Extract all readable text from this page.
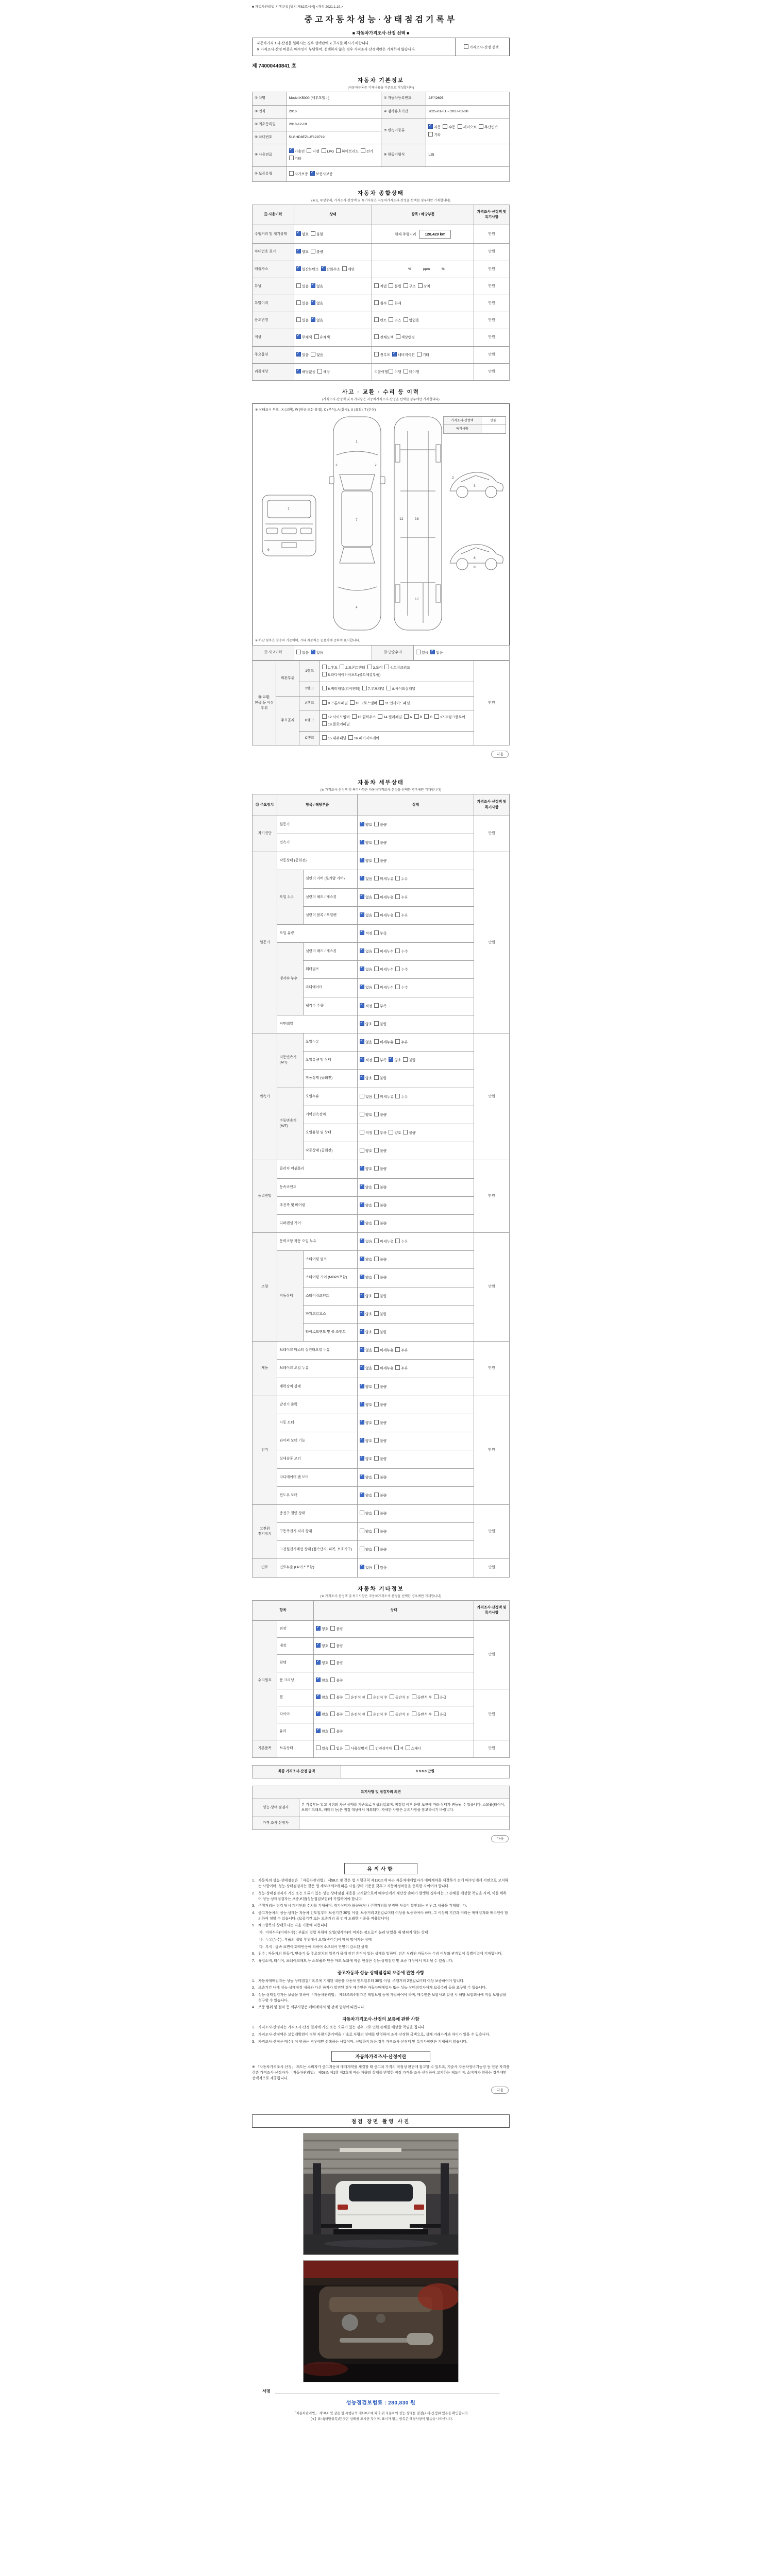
■ 자동차관리법 시행규칙 [별지 제82호서식] <개정 2021.1.19.>
중고자동차성능·상태점검기록부
■ 자동차가격조사·산정 선택 ■
자동차가격조사·산정을 원하시는 경우 선택란에 ∨ 표시를 하시기 바랍니다.
※ 가격조사·산정 비용은 매수인이 부담하며, 선택하지 않은 경우 가격조사·산정액란은 기재하지 않습니다.
가격조사·산정 선택
제 74000440841 호
자동차 기본정보
(자동차등록증 기재내용을 기준으로 작성합니다)
① 차명	Model K5000 (세부모델 : )	② 자동차등록번호	23머2695
③ 연식	2016	④ 검사유효기간	2025-01-01 ~ 2027-01-30
⑤ 최초등록일	2018-12-19	⑦ 변속기종류	✔자동 수동 세미오토 무단변속기타
⑥ 차대번호	51GHD8EZ1JF129719		
⑧ 사용연료	✔가솔린 디젤 LPG 하이브리드 전기기타	⑨ 원동기형식	L25
⑩ 보증유형	자가보증 ✔ 보험사보증
자동차 종합상태
(※표, 무상수리, 가격조사·산정액 및 특기사항은 자동차가격조사·산정을 선택한 경우에만 기재합니다)
⑪ 사용이력	상태	항목 / 해당부품	가격조사·산정액 및 특기사항
주행거리 및 계기상태	✔양호 불량	현재 주행거리 128,429 km	만원
차대번호 표기	✔양호 불량		만원
배출가스	✔일산화탄소 ✔ 탄화수소 매연	%            ppm            %	만원
튜닝	있음 ✔ 없음	적법 불법 구조 장치	만원
특별이력	있음 ✔ 없음	침수 화재	만원
용도변경	있음 ✔ 없음	렌트 리스 영업용	만원
색상	✔무채색 유채색	전체도색 색상변경	만원
주요옵션	✔있음 없음	썬루프 ✔ 네비게이션 기타	만원
리콜대상	✔해당없음 해당	리콜이행 이행 미이행	만원
사고 · 교환 · 수리 등 이력
(가격조사·산정액 및 특기사항은 자동차가격조사·산정을 선택한 경우에만 기재합니다)
※ 상태표시 부호 : X (교환), W (판금 또는 용접), C (부식), A (흠집), U (요철), T (손상)
가격조사·산정액	만원
특기사항	
1
9
1
7
4
2	2
18
17
12
3
2
6
8
※ 하단 항목은 승용차 기준이며, 기타 자동차는 승용차에 준하여 표시합니다.
⑫ 사고이력	있음 ✔ 없음	⑬ 단순수리	있음 ✔ 없음
⑭ 교환, 판금 등 이상 부위	외판부위	1랭크	1.후드 2.프론트펜더 3.도어 4.트렁크리드5.라디에이터서포트(볼트체결부품)	만원
		2랭크	6.쿼터패널(리어펜더) 7.루프패널 8.사이드실패널	
	주요골격	A랭크	9.프론트패널 10.크로스멤버 11.인사이드패널	
		B랭크	12.사이드멤버 13.휠하우스 14.필러패널 A B C 17.트렁크플로어18.플로어패널	
		C랭크	15.대쉬패널 16.패키지트레이	
다음
자동차 세부상태
(※ 가격조사·산정액 및 특기사항은 자동차가격조사·산정을 선택한 경우에만 기재합니다)
⑮ 주요장치	항목 / 해당부품		상태	가격조사·산정액 및 특기사항
자기진단	원동기	✔양호 불량	만원
	변속기	✔양호 불량
원동기	작동상태 (공회전)	✔양호 불량	만원
	오일 누유	실린더 커버 (로커암 커버)	✔없음 미세누유 누유
		실린더 헤드 / 개스킷	✔없음 미세누유 누유
		실린더 블록 / 오일팬	✔없음 미세누유 누유
	오일 유량	✔적정 부족
	냉각수 누수	실린더 헤드 / 개스킷	✔없음 미세누수 누수
		워터펌프	✔없음 미세누수 누수
		라디에이터	✔없음 미세누수 누수
		냉각수 수량	✔적정 부족
	커먼레일	✔양호 불량
변속기	자동변속기 (A/T)	오일누유	✔없음 미세누유 누유	만원
		오일유량 및 상태	✔적정 부족 ✔ 양호 불량
		작동상태 (공회전)	✔양호 불량
	수동변속기 (M/T)	오일누유	없음 미세누유 누유	
		기어변속장치	양호 불량	
		오일유량 및 상태	적정 부족 양호 불량	
		작동상태 (공회전)	양호 불량	
동력전달	클러치 어셈블리	✔양호 불량	만원
	등속조인트	✔양호 불량
	추진축 및 베어링	✔양호 불량
	디퍼렌셜 기어	✔양호 불량
조향	동력조향 작동 오일 누유	✔없음 미세누유 누유	만원
	작동상태	스티어링 펌프	✔양호 불량
		스티어링 기어 (MDPS포함)	✔양호 불량
		스티어링조인트	✔양호 불량
		파워고압호스	✔양호 불량
		타이로드엔드 및 볼 조인트	✔양호 불량
제동	브레이크 마스터 실린더오일 누유	✔없음 미세누유 누유	만원
	브레이크 오일 누유	✔없음 미세누유 누유
	배력장치 상태	✔양호 불량
전기	발전기 출력	✔양호 불량	만원
	시동 모터	✔양호 불량
	와이퍼 모터 기능	✔양호 불량
	실내송풍 모터	✔양호 불량
	라디에이터 팬 모터	✔양호 불량
	윈도우 모터	✔양호 불량
고전원 전기장치	충전구 절연 상태		양호 불량	만원
	구동축전지 격리 상태		양호 불량	
	고전원전기배선 상태 (접속단자, 피복, 보호기구)		양호 불량	
연료	연료누출 (LP가스포함)	✔없음 있음	만원
자동차 기타정보
(※ 가격조사·산정액 및 특기사항은 자동차가격조사·산정을 선택한 경우에만 기재합니다)
항목		상태	가격조사·산정액 및 특기사항
수리필요	외장	✔양호 불량	만원
	내장	✔양호 불량
	광택	✔양호 불량
	룸 크리닝	✔양호 불량
	휠	✔양호 불량 운전석 전 운전석 후 동반석 전 동반석 후 응급	만원
	타이어	✔양호 불량 운전석 전 운전석 후 동반석 전 동반석 후 응급
	유리	✔양호 불량
기본품목	보유상태	있음 없음 사용설명서 안전삼각대 잭 스패너	만원
최종 가격조사·산정 금액	0 0 0 0 만원
특기사항 및 점검자의 의견	
성능·상태 점검자	본 기록부는 입고 시점의 차량 상태를 기준으로 작성되었으며, 점검일 이후 운행·보관에 따라 상태가 변동될 수 있습니다. 소모품(타이어, 브레이크패드, 배터리 등)은 점검 대상에서 제외되며, 자세한 사항은 유의사항을 참고하시기 바랍니다.
가격·조사 산정자	
다음
유의사항
1. 자동차의 성능·상태점검은 「자동차관리법」 제58조 및 같은 법 시행규칙 제120조에 따라 자동차매매업자가 매매계약을 체결하기 전에 매수인에게 서면으로 고지하는 사항이며, 성능·상태점검자는 같은 법 제58조의2에 따른 시설·장비 기준을 갖추고 자동차정비업을 등록한 자이어야 합니다.
2. 성능·상태점검자가 거짓 또는 오류가 있는 성능·상태점검 내용을 고지함으로써 매수인에게 재산상 손해가 발생한 경우에는 그 손해를 배상할 책임을 지며, 이를 위하여 성능·상태점검자는 보증보험(성능점검보험)에 가입하여야 합니다.
3. 주행거리는 점검 당시 계기판의 수치를 기재하며, 계기상태가 불량하거나 주행거리를 변경한 사실이 확인되는 경우 그 내용을 기재합니다.
4. 중고자동차의 성능·상태는 자동차 인도일부터 보증기간 30일 이상, 보증거리 2천킬로미터 이상을 보증하여야 하며, 그 이상의 기간과 거리는 매매업자와 매수인이 합의하여 정할 수 있습니다. (보증기간 또는 보증거리 중 먼저 도래한 기준을 적용합니다)
5. 체크항목의 상태표시는 다음 기준에 따릅니다.
가. 미세누유(미세누수) : 부품의 접합 부위에 오일(냉각수)이 비치는 정도로서 눌러 닦았을 때 맺히지 않는 상태
나. 누유(누수) : 부품의 접합 부위에서 오일(냉각수)이 맺혀 떨어지는 상태
다. 부식 : 금속 표면이 화학반응에 의하여 소모되어 단면이 감소된 상태
6. 침수 : 자동차의 원동기, 변속기 등 주요장치의 일부가 물에 잠긴 흔적이 있는 상태를 말하며, 전손 처리된 자동차는 수리 여부와 관계없이 특별이력에 기재합니다.
7. 쇽업소버, 타이어, 브레이크패드 등 소모품과 단순 마모·노화에 따른 현상은 성능·상태점검 및 보증 대상에서 제외될 수 있습니다.
중고자동차 성능·상태점검의 보증에 관한 사항
1. 자동차매매업자는 성능·상태점검기록부에 기재된 내용을 자동차 인도일부터 30일 이상, 주행거리 2천킬로미터 이상 보증하여야 합니다.
2. 보증기간 내에 성능·상태점검 내용과 다른 하자가 발견된 경우 매수인은 자동차매매업자 또는 성능·상태점검자에게 보증수리 등을 요구할 수 있습니다.
3. 성능·상태점검자는 보증을 위하여 「자동차관리법」 제58조의4에 따른 책임보험 등에 가입하여야 하며, 매수인은 보험사고 발생 시 해당 보험회사에 직접 보험금을 청구할 수 있습니다.
4. 보증 범위 및 절차 등 세부사항은 매매계약서 및 관계 법령에 따릅니다.
자동차가격조사·산정의 보증에 관한 사항
1. 가격조사·산정자는 가격조사·산정 결과에 거짓 또는 오류가 있는 경우 그로 인한 손해를 배상할 책임을 집니다.
2. 가격조사·산정액은 보험개발원이 정한 차량기준가액을 기초로 차량의 상태를 반영하여 조사·산정한 금액으로, 실제 거래가격과 차이가 있을 수 있습니다.
3. 가격조사·산정은 매수인이 원하는 경우에만 선택하는 사항이며, 선택하지 않은 경우 가격조사·산정액 및 특기사항란은 기재하지 않습니다.
자동차가격조사·산정이란
※ 「자동차가격조사·산정」 제도는 소비자가 중고자동차 매매계약을 체결할 때 중고차 가격의 적정성 판단에 참고할 수 있도록, 기술사·자동차정비기능장 등 전문 자격을 갖춘 가격조사·산정자가 「자동차관리법」 제58조 제1항 제2호에 따라 차량의 상태를 반영한 적정 가격을 조사·산정하여 고지하는 제도이며, 소비자가 원하는 경우에만 선택적으로 제공됩니다.
다음
점검 장면 촬영 사진
서명
성능점검보험료 : 280,830 원
「자동차관리법」 제58조 및 같은 법 시행규칙 제120조에 따라 위 자동차의 성능·상태를 점검(조사·산정)하였음을 확인합니다.
【∨】표시(해당항목)된 곳은 상태를 표시한 것이며, 표시가 없는 항목은 해당사항이 없음을 나타냅니다.
